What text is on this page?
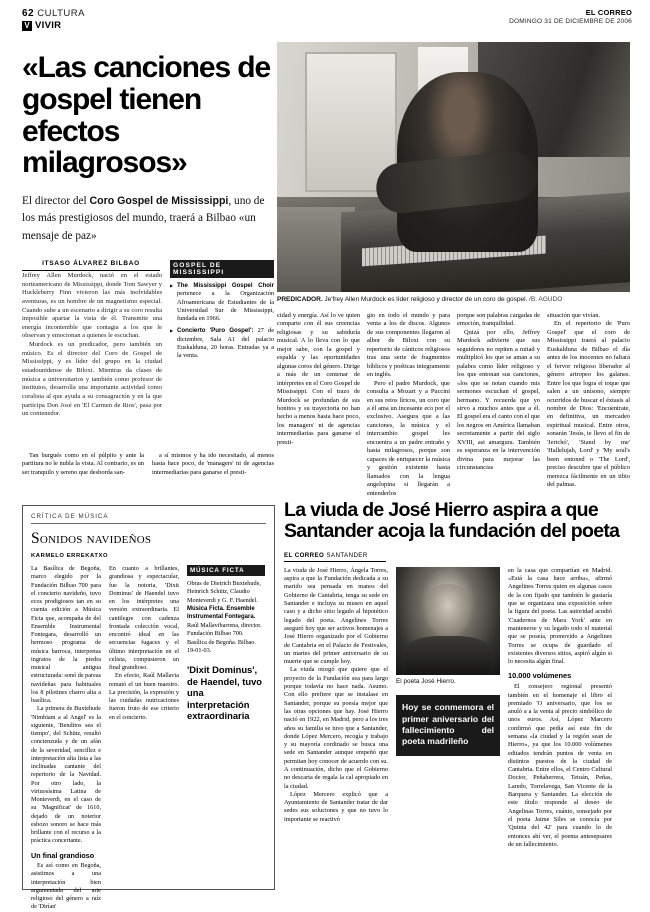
62 CULTURA
V VIVIR
EL CORREO
DOMINGO 31 DE DICIEMBRE DE 2006
«Las canciones de gospel tienen efectos milagrosos»
El director del Coro Gospel de Mississippi, uno de los más prestigiosos del mundo, traerá a Bilbao «un mensaje de paz»
PREDICADOR. Je'frey Allen Murdock es líder religioso y director de un coro de gospel. /B. AGUDO
ITSASO ÁLVAREZ BILBAO

Jeffrey Allen Murdock, nació en el estado norteamericano de Mississippi, donde Tom Sawyer y Huckleberry Finn vivieron las más inolvidables aventuras, es un hombre de un magnetismo especial. Cuando sube a un escenario a dirigir a su coro resulta imposible apartar la vista de él. Transmite una energía incontenible que contagia a los que le observan y emocionan a quienes le escuchan.

Murdock es un predicador, pero también un músico. Es el director del Coro de Gospel de Mississippi, y es líder del grupo en la ciudad estadounidense de Biloxi. Mientras da clases de música a universitarios y también como profesor de institutos, desarrolla una importante actividad como coralista al que ayuda a su consagración y en la que participa Don José en 'El Carmen de Rios', pasa por un contenedor.

GOSPEL DE MISSISSIPPI
▶ The Mississippi Gospel Choir pertenece a la Organización Afroamericana de Estudiantes de la Universidad Sur de Mississippi, fundada en 1966.
▶ Concierto 'Puro Gospel': 27 de diciembre, Sala A1 del palacio Euskalduna, 20 horas. Entradas ya a la venta.

cidad y energía. Así lo ve quien comparte con él sus creencias religiosas y su sabiduría musical. A lo lleva con lo que mejor sabe, con la gospel y espalda y las oportunidades algunas coros del género. Dirige a más de un centenar de intérpretes en el Coro Gospel de Mississippi. Con el trazo de Murdock se profundan de sus bonitos y su trayectoria no han hecho a menos hasta hace poco, los managers' ni de agencias intermediarias para ganarse el presti-

gio en todo el mundo y para venta a los de discos. Algunos de sus componentes llegaron al albor de Biloxi con su repertorio de cánticos religiosos tras una serie de fragmentos bíblicos y poéticas integramente en inglés.

Pero el padre Murdock, que consulta a Mozart y a Puccini en sus retos líricos, un coro que a él ama un incesante eco por el exclusivo. Asegura que a las canciones, la música y el intercambio gospel les encuentra a un padre entraño y hasta milagrosos, porque son capaces de enriquecer la música y gestión existente hasta llamados con la lengua angelopina si llegarán a entenderlos

porque son palabras cargadas de emoción, tranquilidad.

Quizá por ello, Jeffrey Murdock adivierte que sus seguidores no repiten a mitad y multiplicó los que se aman a su palabra como líder religioso y los que entonan sus canciones, «los que se notan cuando mis sermones escuchan el gospel, hermano. Y recuerda que yo sirvo a muchos antes que a él. El gospel era el canto con el que los negros en América llamaban secretamente a partir del siglo XVIII, asi amargura. También es esperanza en la intervención divina para mejorar las circunstancias

situación que vivían.

En el repertorio de 'Puro Gospel' que el coro de Mississippi traerá al palacio Euskalduna de Bilbao el día antes de los inocentes no faltará el fervor religioso liberador al género artropeo los galanes. Entre los que logra el toque que salen a un unísono, siempre ocurridos de buscar el éxtasis al nombre de Dios: 'Encuentrate, en definitiva, un mercadeo espiritual musical. Entre otros, sonarán 'Jesús, te llevo el fin de 'Jerichó', 'Stand by me' 'Hallelujah, Lord' y 'My soul's been entoned o 'The Lord', preciso descubre que el público merezca fácilmente en un tibio del palmas.

Tan burgués como en el púlpito y ante la partitura no le nubla la vista. Al contrario, es un ser tranquilo y sereno que desborda san-

a sí mismos y ha ido necesitado, al menos hasta hace poco, de 'managers' ni de agencias intermediarias para ganarse el presti-

CRÍTICA DE MÚSICA
Sonidos navideños
KARMELO ERREKATXO

La Basílica de Begoña, marco elegido por la Fundación Bilbao 700 para el concierto navideño, tuvo ecos prodigiosos tan en su cuenta edición a Música Ficta que, acompaña de del Ensemble Instrumental Fontegara, desarrolló un hermoso programa de música barroca, interpretas ingratos de la piedra musical antigua estructurada: sonó de pareas navideñas para habituales los 8 pilotines charro alta a basílica.

La primera de Buxtehude 'Nimbiam a al Angel' es la siguiente, 'Benditos sea el tiempo', del Schütz, resultó concienzuda y de un afán de la severidad, sencillez e interpretación alta lista a las inclinadas cantante del repertorio de la Navidad. Por otro lado, la virtuosísima Latina de Monteverdi, en el caso de su 'Magnificat' de 1610, dejado de un noterior esbozo sonoro se hace más brillante con el recurso a la práctica concertante.

Un final grandioso

Es así como en Begoña, asistimos a una interpretación bien argumentada del arte religioso del género a raíz de 'Dirían'

En cuanto a brillantes, grandiosa y espectacular, fue la notoria, 'Dixit Dominus' de Haendel tuvo en los intérpretes una versión extraordinaria. El cantilegre con cadenza frontada colección vocal, encontró ideal en las secuencias fugaces y el último interpretación en el celista, compusieron un final grandioso.

En efecto, Raúl Mallavia remató el un buen maestro. La precisión, la expresión y las cuidadas nutricaciones fueron fruto de ese criterio en el concierto.

MÚSICA FICTA
Obras de Dietrich Buxtehude, Heinrich Schütz, Claudio Monteverdi y G. F. Haendel. Música Ficta. Ensemble Instrumental Fontegara. Raúl Mallavibarrena, director. Fundación Bilbao 700. Basílica de Begoña. Bilbao. 19-01-03.
'Dixit Dominus', de Haendel, tuvo una interpretación extraordinaria
La viuda de José Hierro aspira a que Santander acoja la fundación del poeta
EL CORREO SANTANDER

La viuda de José Hierro, Ángela Torres, aspira a que la Fundación dedicada a su marido sea pensada en manos del Gobierno de Cantabria, tenga su sede en Santander e incluya su museo en aquel caso y a dicho sitio legado al hipotético legado del poeta. Angelines Torres aseguró hoy que ser activos homenajes a José Hierro organizado por el Gobierno de Cantabria en el Palacio de Festivales, un martes del primer aniversario de su muerte que se cumple hoy.

La viuda otorgó que quiere que el proyecto de la Fundación sea para largo porque todavía no hace nada. Asumo. Con ello prefiere que se instalase en Santander, porque su poesía mejor que las otras opciones que hay. José Hierro nació en 1922, en Madrid, pero a los tres años su familia se tuvo que a Santander, donde López Mercero, recogía y trabajo y su mayoría cordinado se busca una sede en Santander aunque empeñó que permitan hoy conocer de acuerdo con su. A continuación, dicho que el Gobierno no descarta de regala la cal apropiado en la ciudad.

López Mercero explicó que a Ayuntamiento de Santander tratar de dar sedes sus soluciones y que no tuvo lo importante se reactivó

El poeta José Hierro.
Hoy se conmemora el primer aniversario del fallecimiento del poeta madrileño

en la casa que compartían en Madrid. «Está la casa hace arriba», afirmó Angelines Torres quien en algunas casos de la con fijado que también le gustaría que se organizara una exposición sobre la figura del poeta. Las autoridad acudió 'Cuadernos de Mara York' ante en mantenerse y su legado todo el material que se poseía, promovido a Angelines Torres se ocupa de guardado el existentes diversos sitios, aspiró algún si lo necesita algún final.

10.000 volúmenes

El consejero regional presentó también en el homenaje el libro el premiado 'O aniversario, que los se anuló a a la venta al precio simbólico de unos euros. Así, López Marcero confirmó que pedía así este fin de semana «la ciudad y la región sean de Hierro», ya que los 10.000 volúmenes editados tendrán puntos de venta en distintos puestos de la ciudad de Cantabria. Entre ellos, el Centro Cultural Doctor, Peñaherrera, Tetuán, Peñas, Laredo, Torrelavega, San Vicente de la Barquera y Santander. La elección de este título responde al deseo de Angelinas Torres, cuánto, sonsejado por el poeta Jaime Siles se conocía por 'Quinta del 42' para cuando lo de entonces ahí ver, el poema antesepsares de un fallecimiento.
